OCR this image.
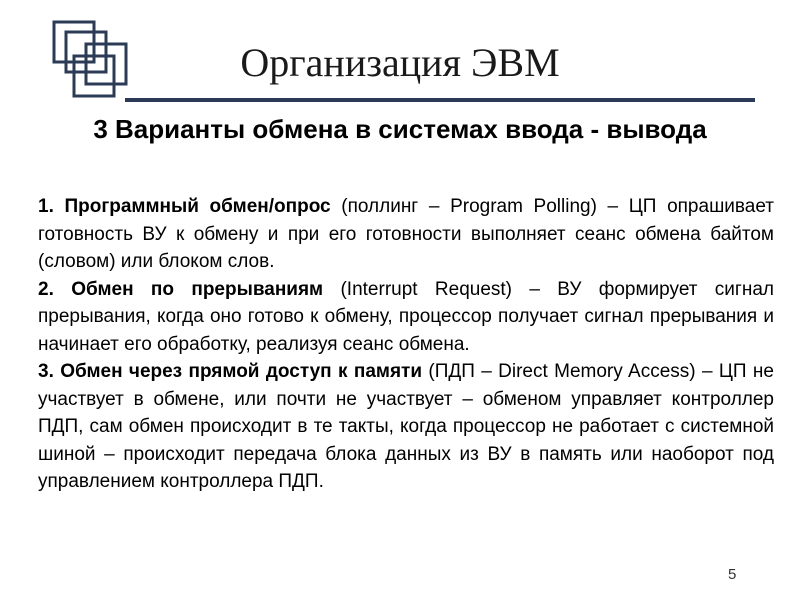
Организация ЭВМ
3 Варианты обмена в системах ввода - вывода

1. Программный обмен/опрос (поллинг – Program Polling) – ЦП опрашивает готовность ВУ к обмену и при его готовности выполняет сеанс обмена байтом (словом) или блоком слов.

2. Обмен по прерываниям (Interrupt Request) – ВУ формирует сигнал прерывания, когда оно готово к обмену, процессор получает сигнал прерывания и начинает его обработку, реализуя сеанс обмена.

3. Обмен через прямой доступ к памяти (ПДП – Direct Memory Access) – ЦП не участвует в обмене, или почти не участвует – обменом управляет контроллер ПДП, сам обмен происходит в те такты, когда процессор не работает с системной шиной – происходит передача блока данных из ВУ в память или наоборот под управлением контроллера ПДП.

5
